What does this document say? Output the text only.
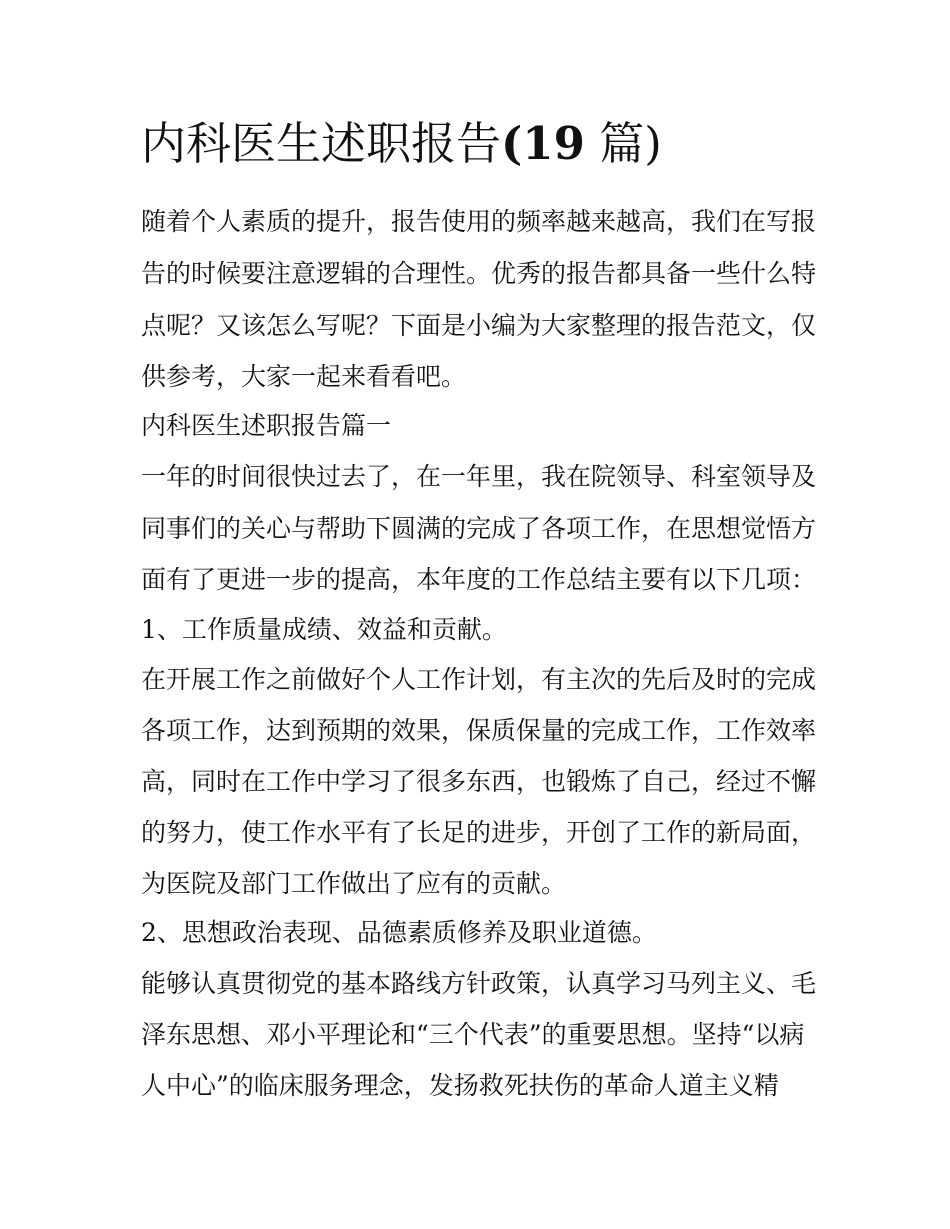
内科医生述职报告(19 篇)

随着个人素质的提升，报告使用的频率越来越高，我们在写报

告的时候要注意逻辑的合理性。优秀的报告都具备一些什么特

点呢？又该怎么写呢？下面是小编为大家整理的报告范文，仅

供参考，大家一起来看看吧。

内科医生述职报告篇一

一年的时间很快过去了，在一年里，我在院领导、科室领导及

同事们的关心与帮助下圆满的完成了各项工作，在思想觉悟方

面有了更进一步的提高，本年度的工作总结主要有以下几项：

1、工作质量成绩、效益和贡献。

在开展工作之前做好个人工作计划，有主次的先后及时的完成

各项工作，达到预期的效果，保质保量的完成工作，工作效率

高，同时在工作中学习了很多东西，也锻炼了自己，经过不懈

的努力，使工作水平有了长足的进步，开创了工作的新局面，

为医院及部门工作做出了应有的贡献。

2、思想政治表现、品德素质修养及职业道德。

能够认真贯彻党的基本路线方针政策，认真学习马列主义、毛

泽东思想、邓小平理论和“三个代表”的重要思想。坚持“以病

人中心”的临床服务理念，发扬救死扶伤的革命人道主义精
